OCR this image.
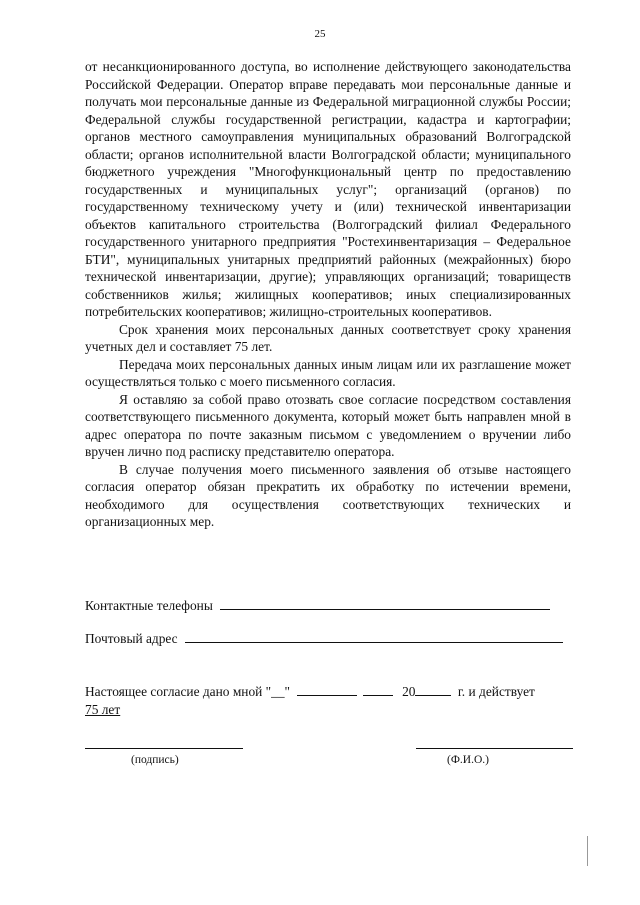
25

от несанкционированного доступа, во исполнение действующего законодательства Российской Федерации. Оператор вправе передавать мои персональные данные и получать мои персональные данные из Федеральной миграционной службы России; Федеральной службы государственной регистрации, кадастра и картографии; органов местного самоуправления муниципальных образований Волгоградской области; органов исполнительной власти Волгоградской области; муниципального бюджетного учреждения "Многофункциональный центр по предоставлению государственных и муниципальных услуг"; организаций (органов) по государственному техническому учету и (или) технической инвентаризации объектов капитального строительства (Волгоградский филиал Федерального государственного унитарного предприятия "Ростехинвентаризация – Федеральное БТИ", муниципальных унитарных предприятий районных (межрайонных) бюро технической инвентаризации, другие); управляющих организаций; товариществ собственников жилья; жилищных кооперативов; иных специализированных потребительских кооперативов; жилищно-строительных кооперативов.

Срок хранения моих персональных данных соответствует сроку хранения учетных дел и составляет 75 лет.

Передача моих персональных данных иным лицам или их разглашение может осуществляться только с моего письменного согласия.

Я оставляю за собой право отозвать свое согласие посредством составления соответствующего письменного документа, который может быть направлен мной в адрес оператора по почте заказным письмом с уведомлением о вручении либо вручен лично под расписку представителю оператора.

В случае получения моего письменного заявления об отзыве настоящего согласия оператор обязан прекратить их обработку по истечении времени, необходимого для осуществления соответствующих технических и организационных мер.

Контактные телефоны
Почтовый адрес
Настоящее согласие дано мной "__"	20	г. и действует
75 лет
(подпись)	(Ф.И.О.)
